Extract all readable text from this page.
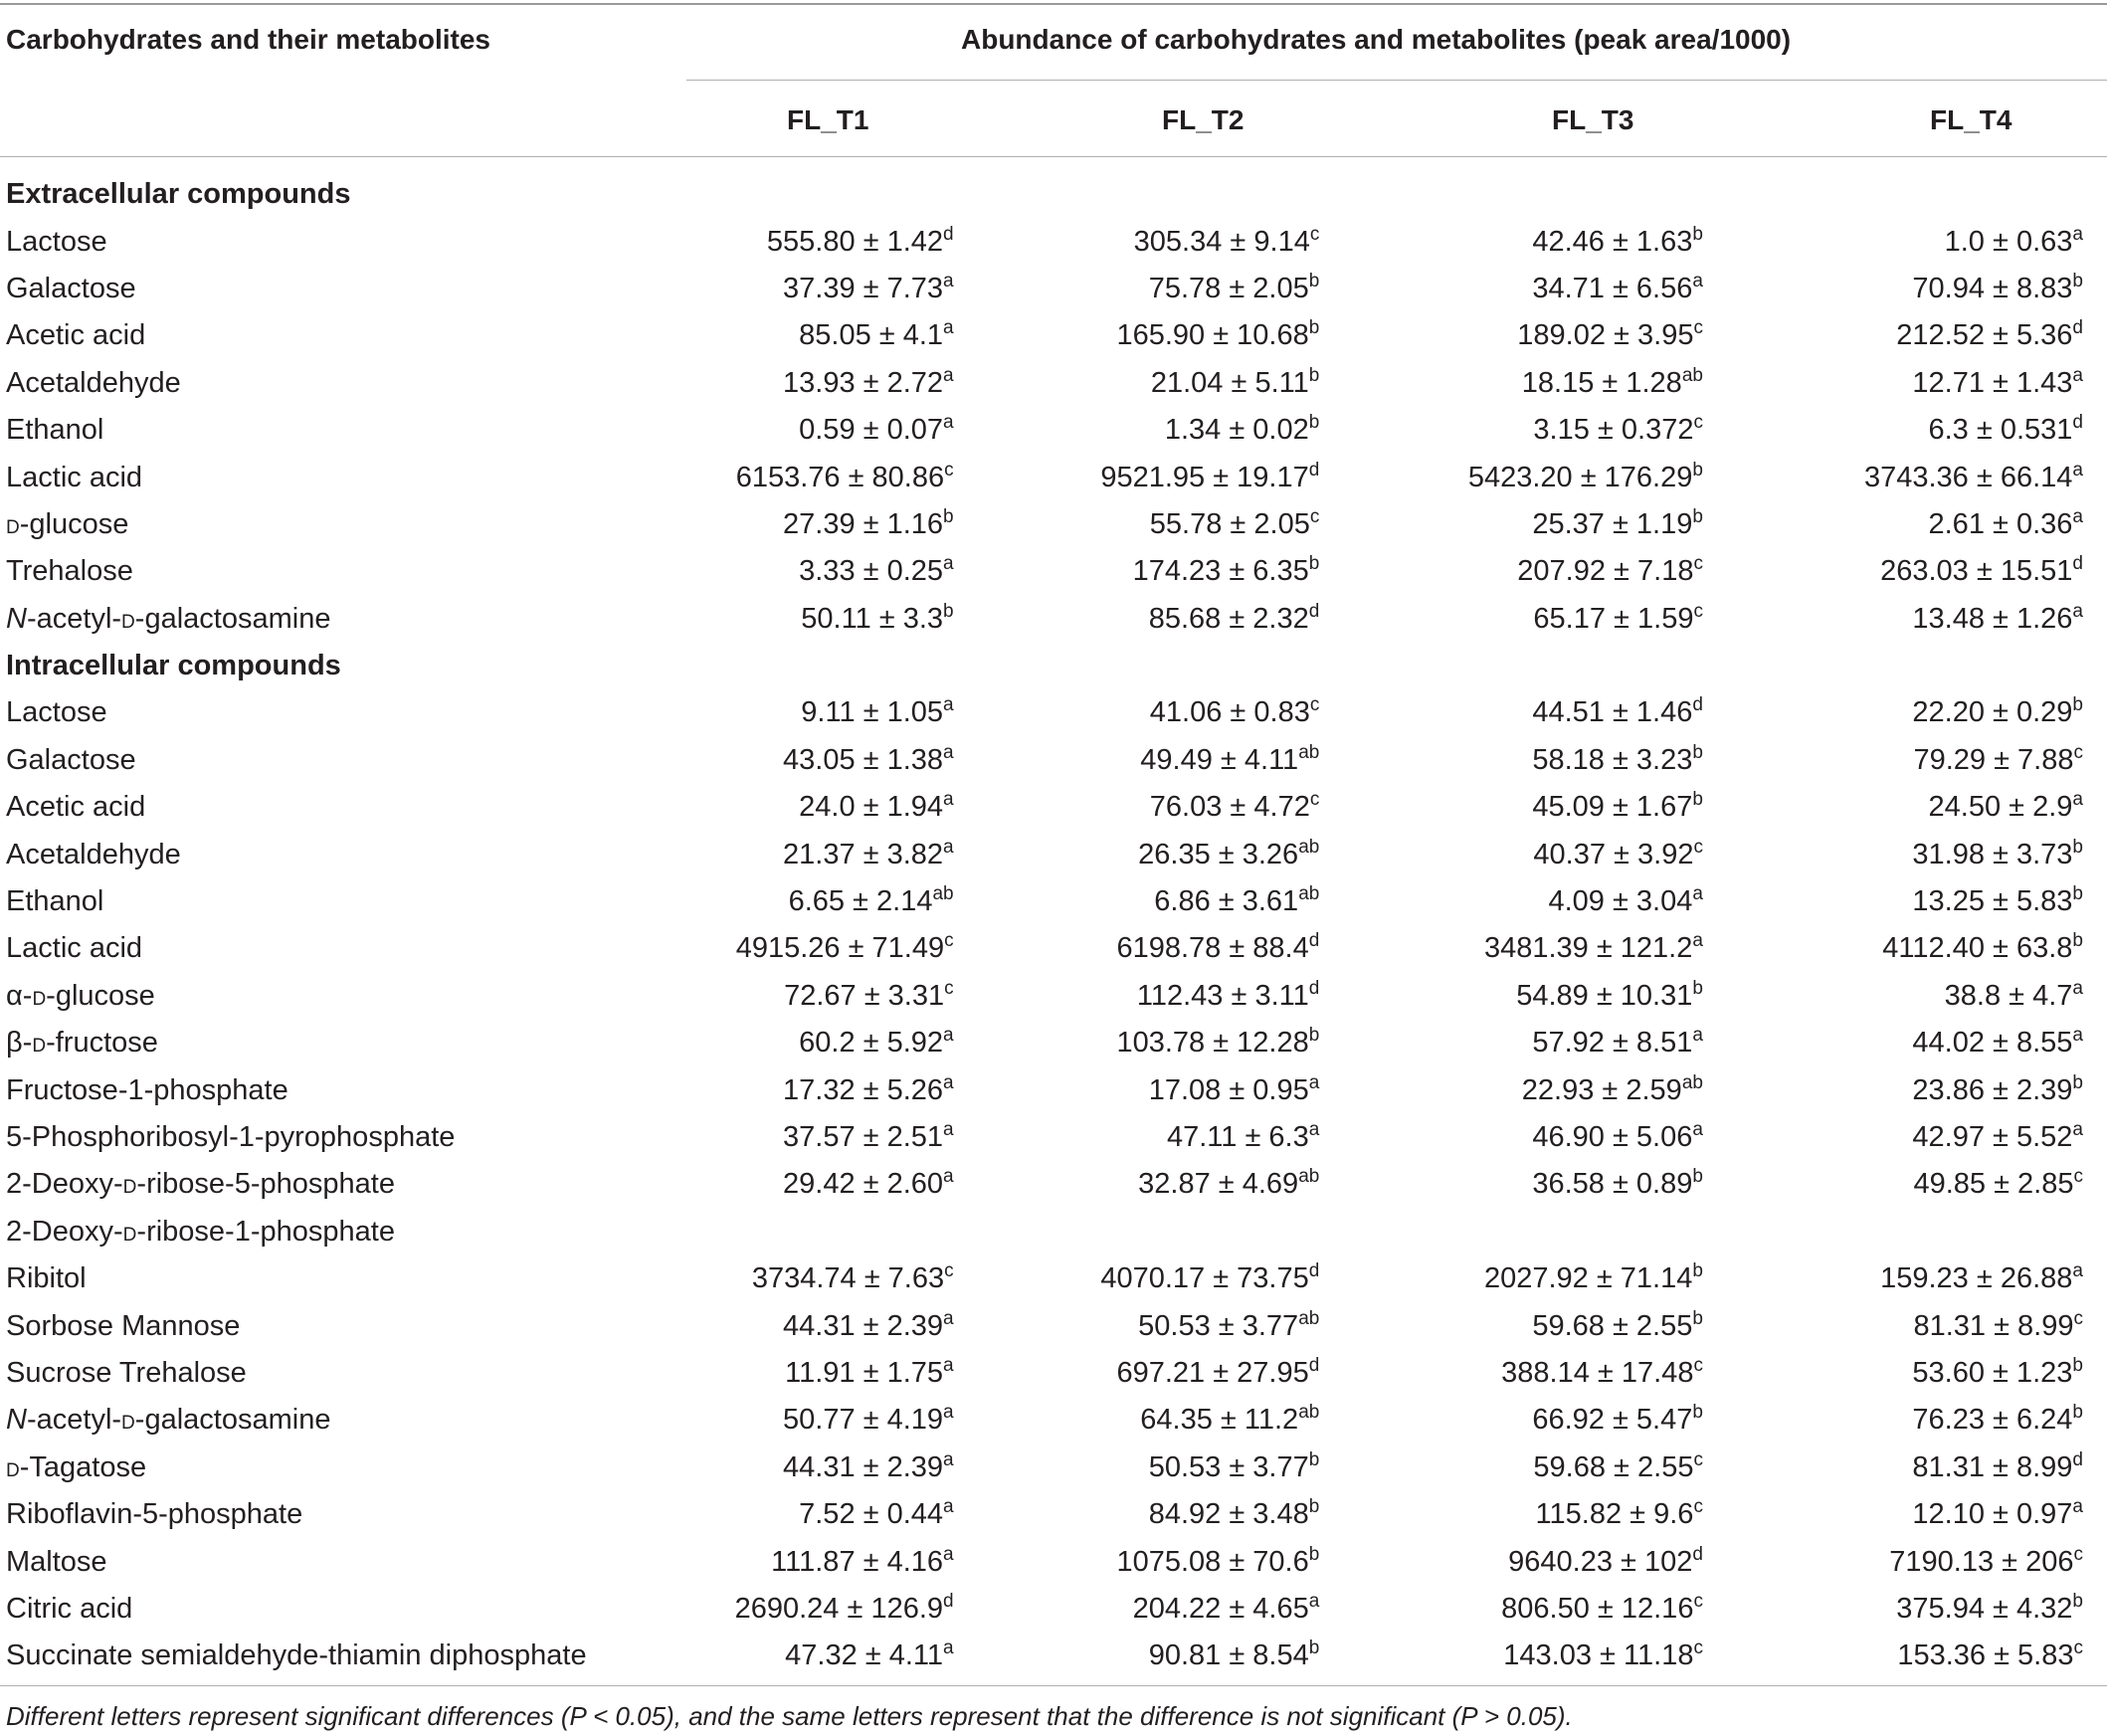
Carbohydrates and their metabolites	Abundance of carbohydrates and metabolites (peak area/1000)
FL_T1	FL_T2	FL_T3	FL_T4
Extracellular compounds				
Lactose	555.80 ± 1.42$^d$	305.34 ± 9.14$^c$	42.46 ± 1.63$^b$	1.0 ± 0.63$^a$
Galactose	37.39 ± 7.73$^a$	75.78 ± 2.05$^b$	34.71 ± 6.56$^a$	70.94 ± 8.83$^b$
Acetic acid	85.05 ± 4.1$^a$	165.90 ± 10.68$^b$	189.02 ± 3.95$^c$	212.52 ± 5.36$^d$
Acetaldehyde	13.93 ± 2.72$^a$	21.04 ± 5.11$^b$	18.15 ± 1.28$^{ab}$	12.71 ± 1.43$^a$
Ethanol	0.59 ± 0.07$^a$	1.34 ± 0.02$^b$	3.15 ± 0.372$^c$	6.3 ± 0.531$^d$
Lactic acid	6153.76 ± 80.86$^c$	9521.95 ± 19.17$^d$	5423.20 ± 176.29$^b$	3743.36 ± 66.14$^a$
d-glucose	27.39 ± 1.16$^b$	55.78 ± 2.05$^c$	25.37 ± 1.19$^b$	2.61 ± 0.36$^a$
Trehalose	3.33 ± 0.25$^a$	174.23 ± 6.35$^b$	207.92 ± 7.18$^c$	263.03 ± 15.51$^d$
N-acetyl-d-galactosamine	50.11 ± 3.3$^b$	85.68 ± 2.32$^d$	65.17 ± 1.59$^c$	13.48 ± 1.26$^a$
Intracellular compounds				
Lactose	9.11 ± 1.05$^a$	41.06 ± 0.83$^c$	44.51 ± 1.46$^d$	22.20 ± 0.29$^b$
Galactose	43.05 ± 1.38$^a$	49.49 ± 4.11$^{ab}$	58.18 ± 3.23$^b$	79.29 ± 7.88$^c$
Acetic acid	24.0 ± 1.94$^a$	76.03 ± 4.72$^c$	45.09 ± 1.67$^b$	24.50 ± 2.9$^a$
Acetaldehyde	21.37 ± 3.82$^a$	26.35 ± 3.26$^{ab}$	40.37 ± 3.92$^c$	31.98 ± 3.73$^b$
Ethanol	6.65 ± 2.14$^{ab}$	6.86 ± 3.61$^{ab}$	4.09 ± 3.04$^a$	13.25 ± 5.83$^b$
Lactic acid	4915.26 ± 71.49$^c$	6198.78 ± 88.4$^d$	3481.39 ± 121.2$^a$	4112.40 ± 63.8$^b$
α-d-glucose	72.67 ± 3.31$^c$	112.43 ± 3.11$^d$	54.89 ± 10.31$^b$	38.8 ± 4.7$^a$
β-d-fructose	60.2 ± 5.92$^a$	103.78 ± 12.28$^b$	57.92 ± 8.51$^a$	44.02 ± 8.55$^a$
Fructose-1-phosphate	17.32 ± 5.26$^a$	17.08 ± 0.95$^a$	22.93 ± 2.59$^{ab}$	23.86 ± 2.39$^b$
5-Phosphoribosyl-1-pyrophosphate	37.57 ± 2.51$^a$	47.11 ± 6.3$^a$	46.90 ± 5.06$^a$	42.97 ± 5.52$^a$
2-Deoxy-d-ribose-5-phosphate	29.42 ± 2.60$^a$	32.87 ± 4.69$^{ab}$	36.58 ± 0.89$^b$	49.85 ± 2.85$^c$
2-Deoxy-d-ribose-1-phosphate				
Ribitol	3734.74 ± 7.63$^c$	4070.17 ± 73.75$^d$	2027.92 ± 71.14$^b$	159.23 ± 26.88$^a$
Sorbose Mannose	44.31 ± 2.39$^a$	50.53 ± 3.77$^{ab}$	59.68 ± 2.55$^b$	81.31 ± 8.99$^c$
Sucrose Trehalose	11.91 ± 1.75$^a$	697.21 ± 27.95$^d$	388.14 ± 17.48$^c$	53.60 ± 1.23$^b$
N-acetyl-d-galactosamine	50.77 ± 4.19$^a$	64.35 ± 11.2$^{ab}$	66.92 ± 5.47$^b$	76.23 ± 6.24$^b$
d-Tagatose	44.31 ± 2.39$^a$	50.53 ± 3.77$^b$	59.68 ± 2.55$^c$	81.31 ± 8.99$^d$
Riboflavin-5-phosphate	7.52 ± 0.44$^a$	84.92 ± 3.48$^b$	115.82 ± 9.6$^c$	12.10 ± 0.97$^a$
Maltose	111.87 ± 4.16$^a$	1075.08 ± 70.6$^b$	$9640.23 \pm 102^d$	$7190.13 \pm 206^c$
Citric acid	2690.24 ± 126.9$^d$	204.22 ± 4.65$^a$	806.50 ± 12.16$^c$	375.94 ± 4.32$^b$
Succinate semialdehyde-thiamin diphosphate	47.32 ± 4.11$^a$	90.81 ± 8.54$^b$	143.03 ± 11.18$^c$	153.36 ± 5.83$^c$
Different letters represent significant differences (P < 0.05), and the same letters represent that the difference is not significant (P > 0.05).
